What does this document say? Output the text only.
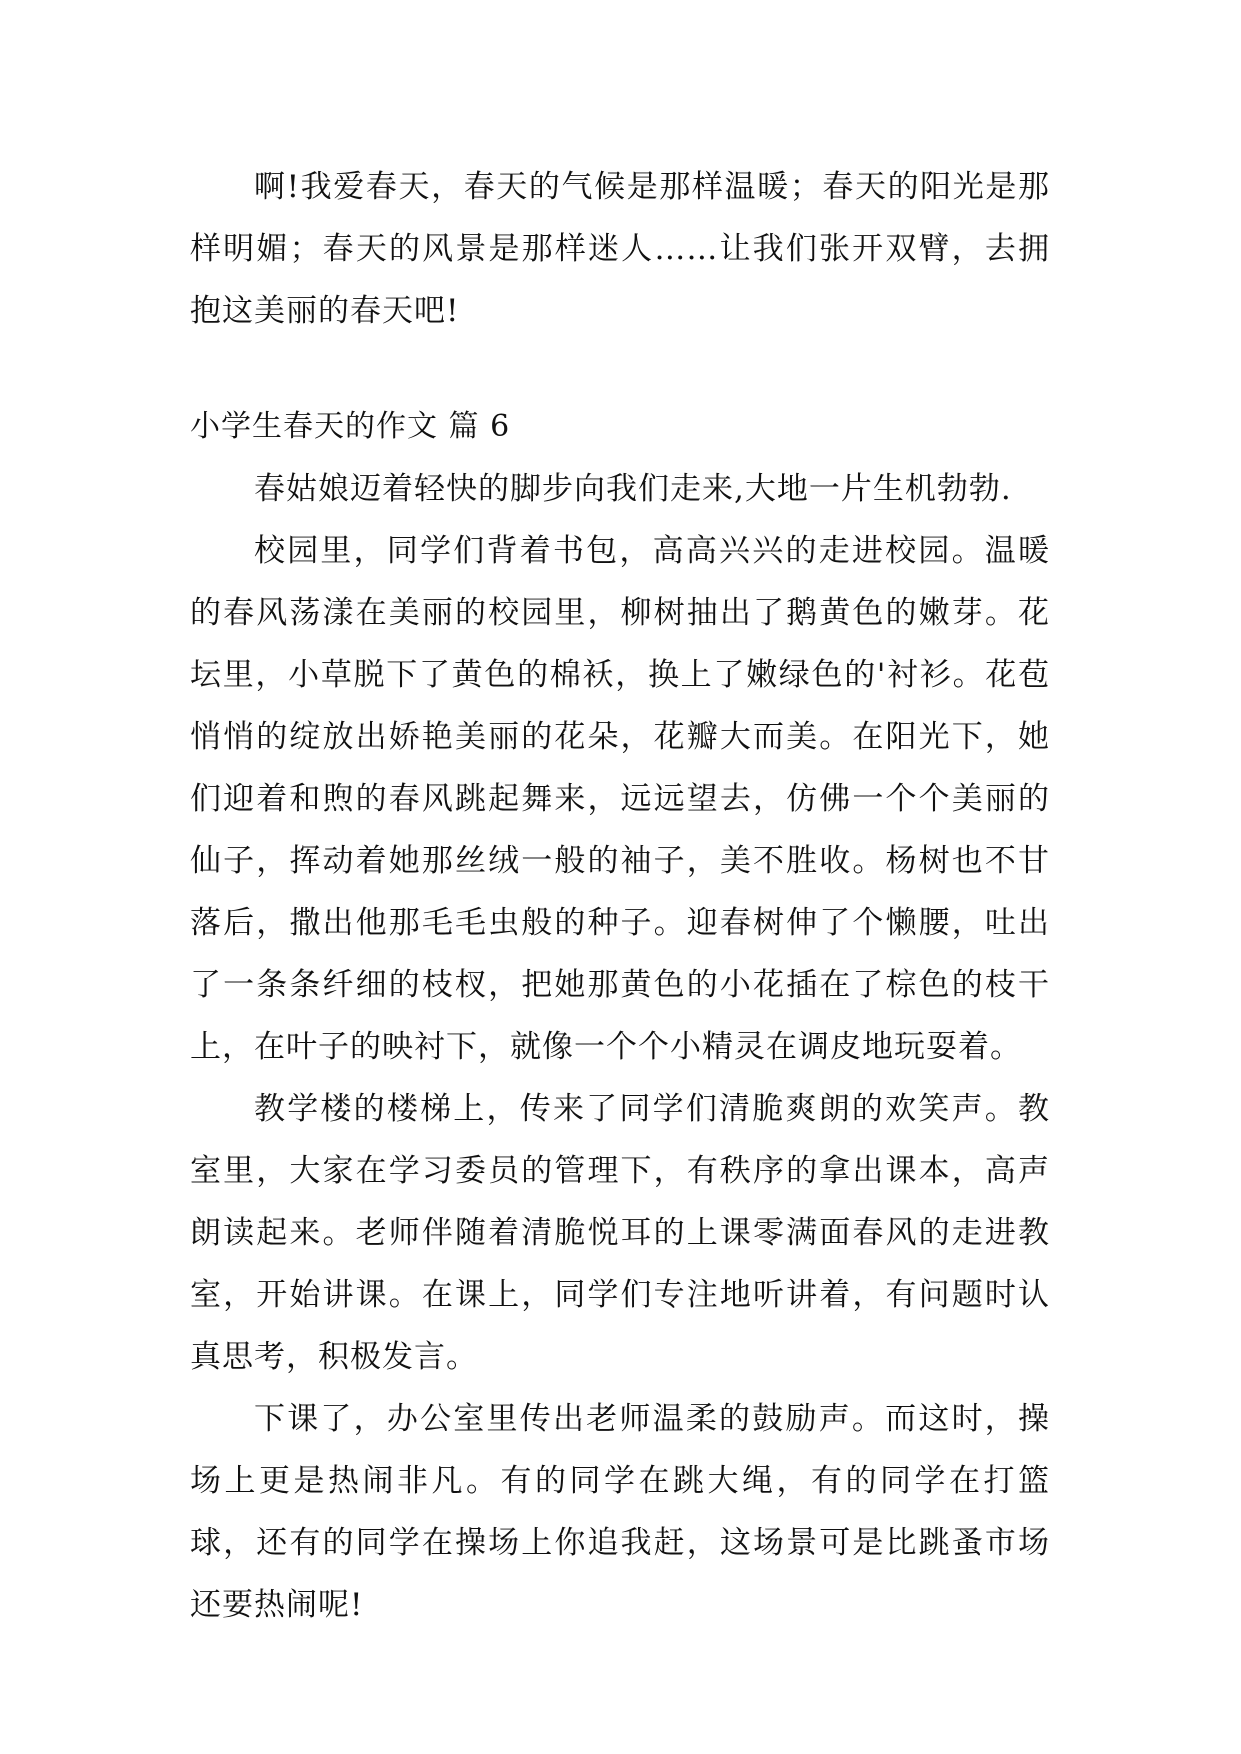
啊!我爱春天，春天的气候是那样温暖；春天的阳光是那样明媚；春天的风景是那样迷人……让我们张开双臂，去拥抱这美丽的春天吧!

小学生春天的作文 篇 6

春姑娘迈着轻快的脚步向我们走来,大地一片生机勃勃.

校园里，同学们背着书包，高高兴兴的走进校园。温暖的春风荡漾在美丽的校园里，柳树抽出了鹅黄色的嫩芽。花坛里，小草脱下了黄色的棉袄，换上了嫩绿色的'衬衫。花苞悄悄的绽放出娇艳美丽的花朵，花瓣大而美。在阳光下，她们迎着和煦的春风跳起舞来，远远望去，仿佛一个个美丽的仙子，挥动着她那丝绒一般的袖子，美不胜收。杨树也不甘落后，撒出他那毛毛虫般的种子。迎春树伸了个懒腰，吐出了一条条纤细的枝杈，把她那黄色的小花插在了棕色的枝干上，在叶子的映衬下，就像一个个小精灵在调皮地玩耍着。

教学楼的楼梯上，传来了同学们清脆爽朗的欢笑声。教室里，大家在学习委员的管理下，有秩序的拿出课本，高声朗读起来。老师伴随着清脆悦耳的上课零满面春风的走进教室，开始讲课。在课上，同学们专注地听讲着，有问题时认真思考，积极发言。

下课了，办公室里传出老师温柔的鼓励声。而这时，操场上更是热闹非凡。有的同学在跳大绳，有的同学在打篮球，还有的同学在操场上你追我赶，这场景可是比跳蚤市场还要热闹呢!
